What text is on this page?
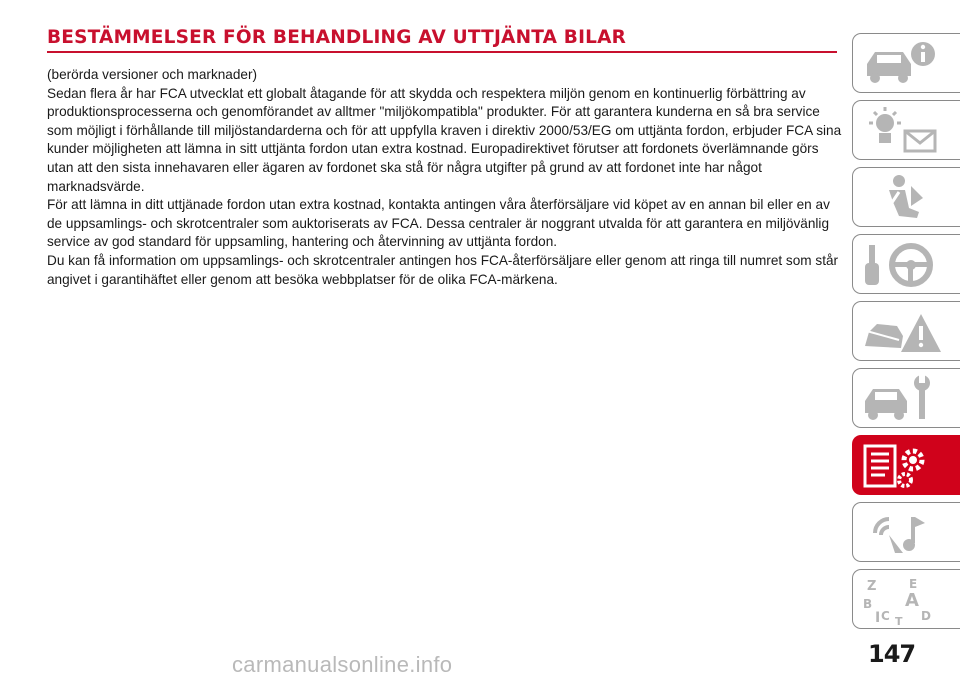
BESTÄMMELSER FÖR BEHANDLING AV UTTJÄNTA BILAR

(berörda versioner och marknader)

Sedan flera år har FCA utvecklat ett globalt åtagande för att skydda och respektera miljön genom en kontinuerlig förbättring av produktionsprocesserna och genomförandet av alltmer "miljökompatibla" produkter. För att garantera kunderna en så bra service som möjligt i förhållande till miljöstandarderna och för att uppfylla kraven i direktiv 2000/53/EG om uttjänta fordon, erbjuder FCA sina kunder möjligheten att lämna in sitt uttjänta fordon utan extra kostnad. Europadirektivet förutser att fordonets överlämnande görs utan att den sista innehavaren eller ägaren av fordonet ska stå för några utgifter på grund av att fordonet inte har något marknadsvärde.

För att lämna in ditt uttjänade fordon utan extra kostnad, kontakta antingen våra återförsäljare vid köpet av en annan bil eller en av de uppsamlings- och skrotcentraler som auktoriserats av FCA. Dessa centraler är noggrant utvalda för att garantera en miljövänlig service av god standard för uppsamling, hantering och återvinning av uttjänta fordon.

Du kan få information om uppsamlings- och skrotcentraler antingen hos FCA-återförsäljare eller genom att ringa till numret som står angivet i garantihäftet eller genom att besöka webbplatser för de olika FCA-märkena.

Z	E
B A
C	D
T
I
147
carmanualsonline.info
